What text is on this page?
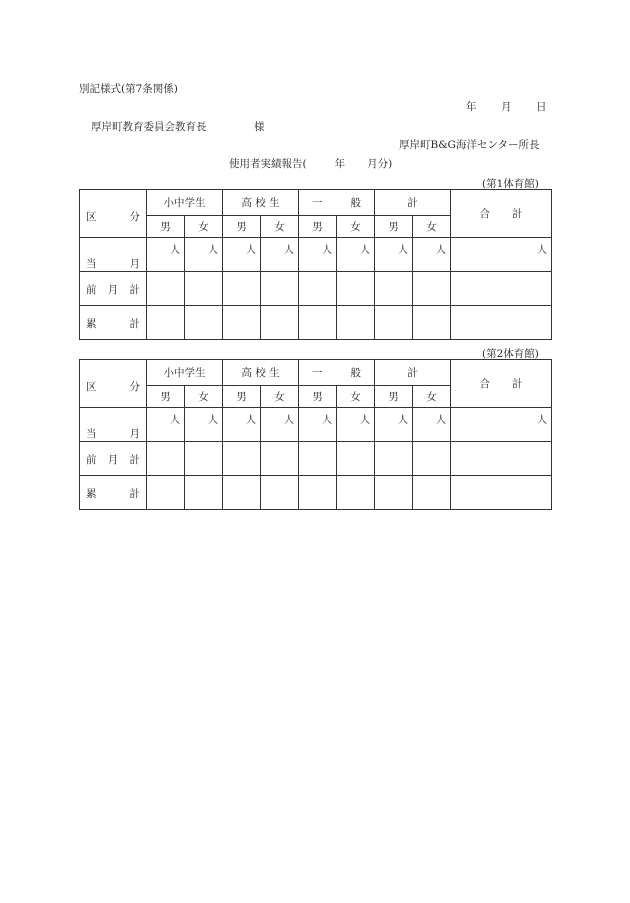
別記様式(第7条関係)
年 月 日
厚岸町教育委員会教育長	様
厚岸町B&G海洋センター所長
使用者実績報告(	年 月分)
(第1体育館)
区 分	小中学生		高 校 生		一 般		計		合 計
	男	女	男	女	男	女	男	女	

当 月	人	人	人	人	人	人	人	人	人

前 月 計									

累 計									

(第2体育館)
区 分	小中学生		高 校 生		一 般		計		合 計
	男	女	男	女	男	女	男	女	

当 月	人	人	人	人	人	人	人	人	人

前 月 計									

累 計									
